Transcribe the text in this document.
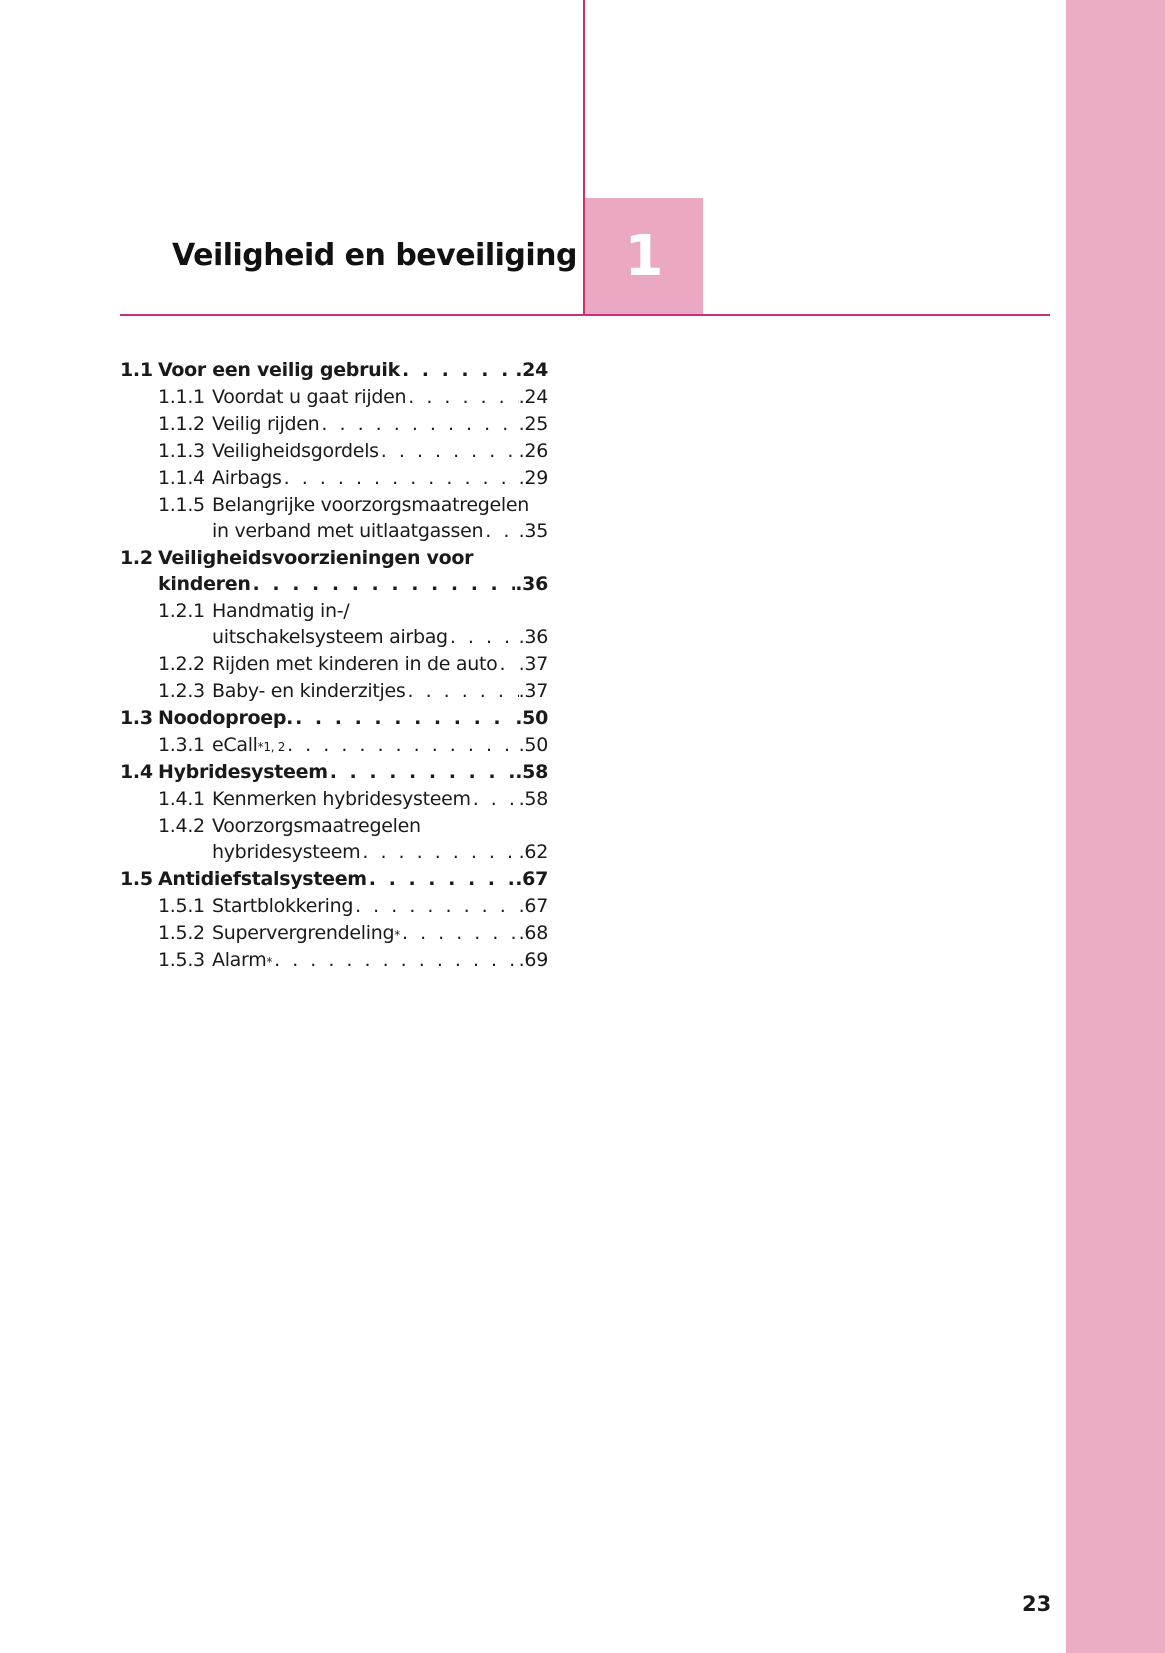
1
Veiligheid en beveiliging
1.1 Voor een veilig gebruik . . .	.24
1.1.1 Voordat u gaat rijden . . .	.24
1.1.2 Veilig rijden . . .	.25
1.1.3 Veiligheidsgordels . . .	.26
1.1.4 Airbags . . .	.29
1.1.5 Belangrijke voorzorgsmaatregelen
in verband met uitlaatgassen . . . .35
1.2 Veiligheidsvoorzieningen voor
kinderen . . .	.36
1.2.1 Handmatig in-/
uitschakelsysteem airbag . . .	.36
1.2.2 Rijden met kinderen in de auto . . . .37
1.2.3 Baby- en kinderzitjes . . .	.37
1.3 Noodoproep. . . .	.50
1.3.1 eCall *1, 2 . . .	.50
1.4 Hybridesysteem . . .	.58
1.4.1 Kenmerken hybridesysteem . . .	.58
1.4.2 Voorzorgsmaatregelen
hybridesysteem . . .	.62
1.5 Antidiefstalsysteem . . .	.67
1.5.1 Startblokkering . . .	.67
1.5.2 Supervergrendeling * . . .	.68
1.5.3 Alarm * . . .	.69
23
